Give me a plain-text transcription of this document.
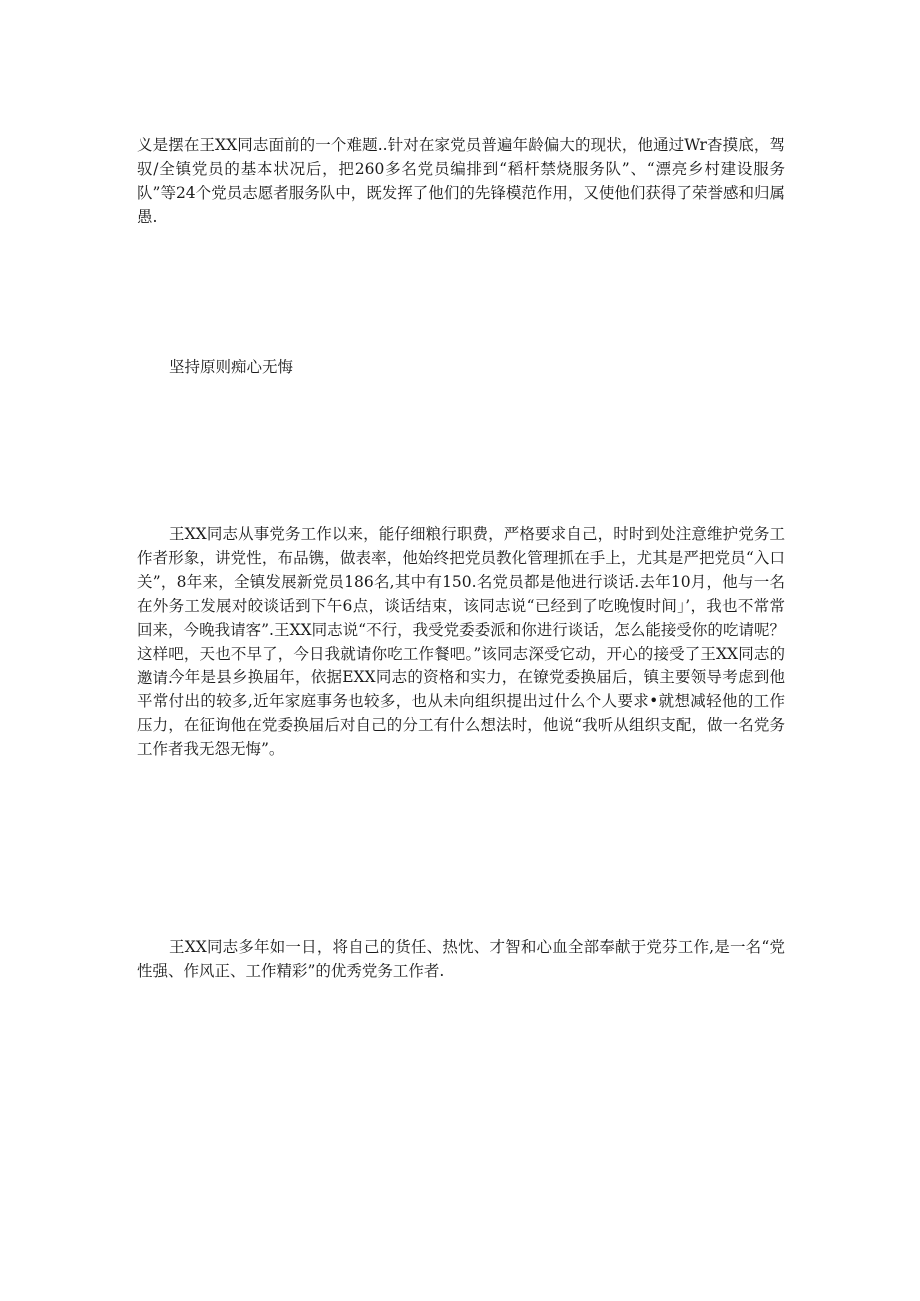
义是摆在王XX同志面前的一个难题..针对在家党员普遍年龄偏大的现状，他通过Wr杳摸底，驾驭/全镇党员的基本状况后，把260多名党员编排到“稻杆禁烧服务队”、“漂亮乡村建设服务队”等24个党员志愿者服务队中，既发挥了他们的先锋模范作用，又使他们获得了荣誉感和归属愚.

坚持原则痴心无悔

王XX同志从事党务工作以来，能仔细粮行职费，严格要求自己，时时到处注意维护党务工作者形象，讲党性，布品镌，做表率，他始终把党员教化管理抓在手上，尤其是严把党员“入口关”，8年来，全镇发展新党员186名,其中有150.名党员都是他进行谈话.去年10月，他与一名在外务工发展对皎谈话到下午6点，谈话结束，该同志说“已经到了吃晚愎时间」’，我也不常常回来，今晚我请客”.王XX同志说“不行，我受党委委派和你进行谈话，怎么能接受你的吃请呢？这样吧，天也不早了，今日我就请你吃工作餐吧。”该同志深受它动，开心的接受了王XX同志的邀请.

今年是县乡换届年，依据EXX同志的资格和实力，在镣党委换届后，镇主要领导考虑到他平常付出的较多,近年家庭事务也较多，也从未向组织提出过什么个人要求•就想减轻他的工作压力，在征询他在党委换届后对自己的分工有什么想法时，他说“我听从组织支配，做一名党务工作者我无怨无悔”。

王XX同志多年如一日，将自己的货任、热忱、才智和心血全部奉献于党芬工作,是一名“党性强、作风正、工作精彩”的优秀党务工作者.
